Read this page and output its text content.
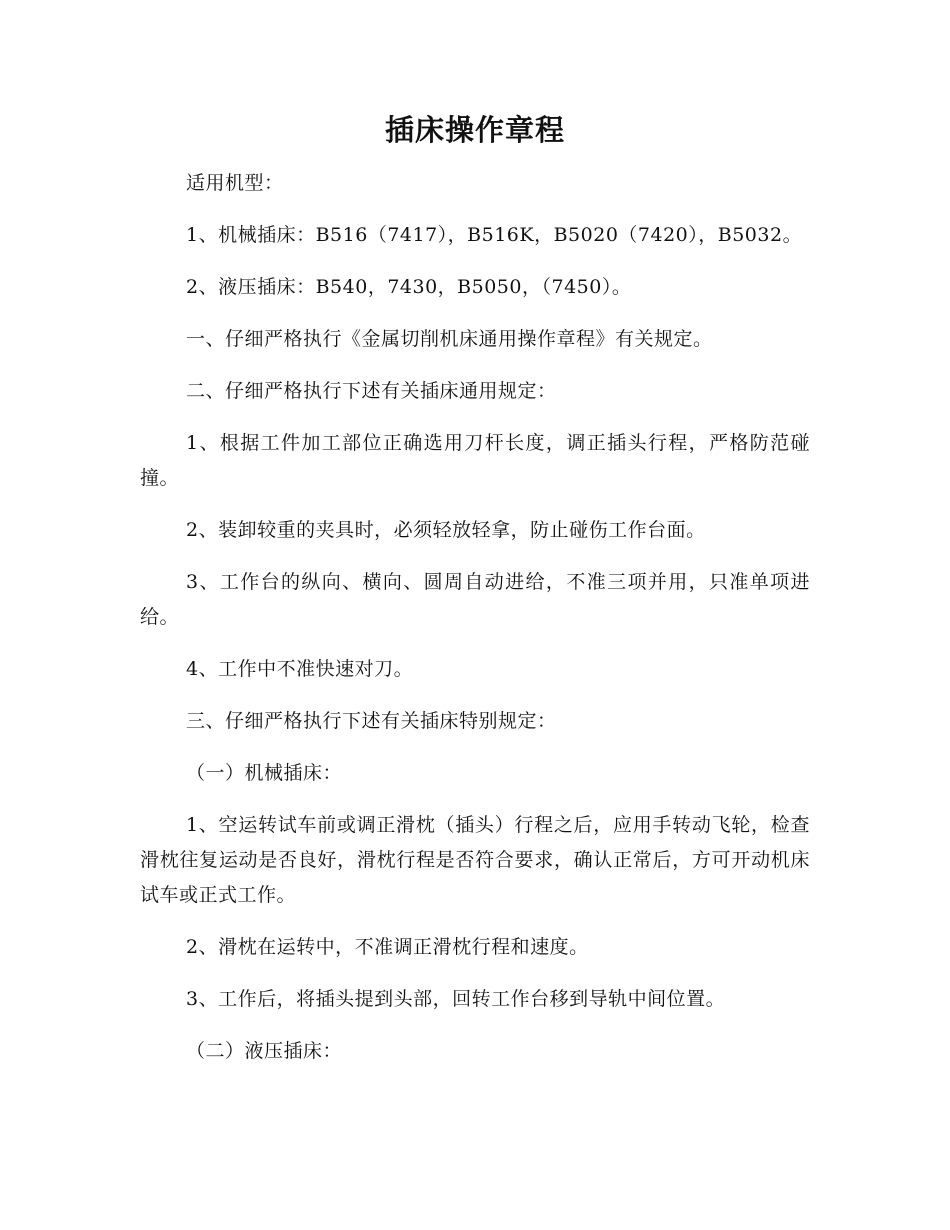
插床操作章程

适用机型：

1、机械插床：B516（7417），B516K，B5020（7420），B5032。

2、液压插床：B540，7430，B5050，（7450）。

一、仔细严格执行《金属切削机床通用操作章程》有关规定。

二、仔细严格执行下述有关插床通用规定：

1、根据工件加工部位正确选用刀杆长度，调正插头行程，严格防范碰撞。

2、装卸较重的夹具时，必须轻放轻拿，防止碰伤工作台面。

3、工作台的纵向、横向、圆周自动进给，不准三项并用，只准单项进给。

4、工作中不准快速对刀。

三、仔细严格执行下述有关插床特别规定：

（一）机械插床：

1、空运转试车前或调正滑枕（插头）行程之后，应用手转动飞轮，检查滑枕往复运动是否良好，滑枕行程是否符合要求，确认正常后，方可开动机床试车或正式工作。

2、滑枕在运转中，不准调正滑枕行程和速度。

3、工作后，将插头提到头部，回转工作台移到导轨中间位置。

（二）液压插床：
